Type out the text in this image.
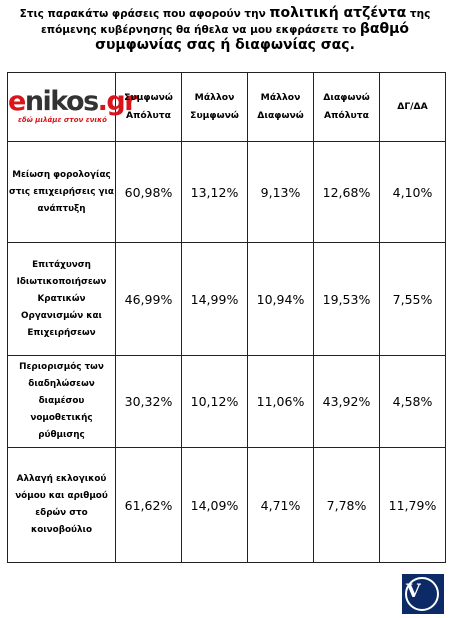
Στις παρακάτω φράσεις που αφορούν την πολιτική ατζέντα της επόμενης κυβέρνησης θα ήθελα να μου εκφράσετε το βαθμό συμφωνίας σας ή διαφωνίας σας.
enikos.gr
εδώ μιλάμε στον ενικό	Συμφωνώ Απόλυτα	Μάλλον Συμφωνώ	Μάλλον Διαφωνώ	Διαφωνώ Απόλυτα	ΔΓ/ΔΑ
Μείωση φορολογίας στις επιχειρήσεις για ανάπτυξη	60,98%	13,12%	9,13%	12,68%	4,10%
Επιτάχυνση Ιδιωτικοποιήσεων Κρατικών Οργανισμών και Επιχειρήσεων	46,99%	14,99%	10,94%	19,53%	7,55%
Περιορισμός των διαδηλώσεων διαμέσου νομοθετικής ρύθμισης	30,32%	10,12%	11,06%	43,92%	4,58%
Αλλαγή εκλογικού νόμου και αριθμού εδρών στο κοινοβούλιο	61,62%	14,09%	4,71%	7,78%	11,79%
V
